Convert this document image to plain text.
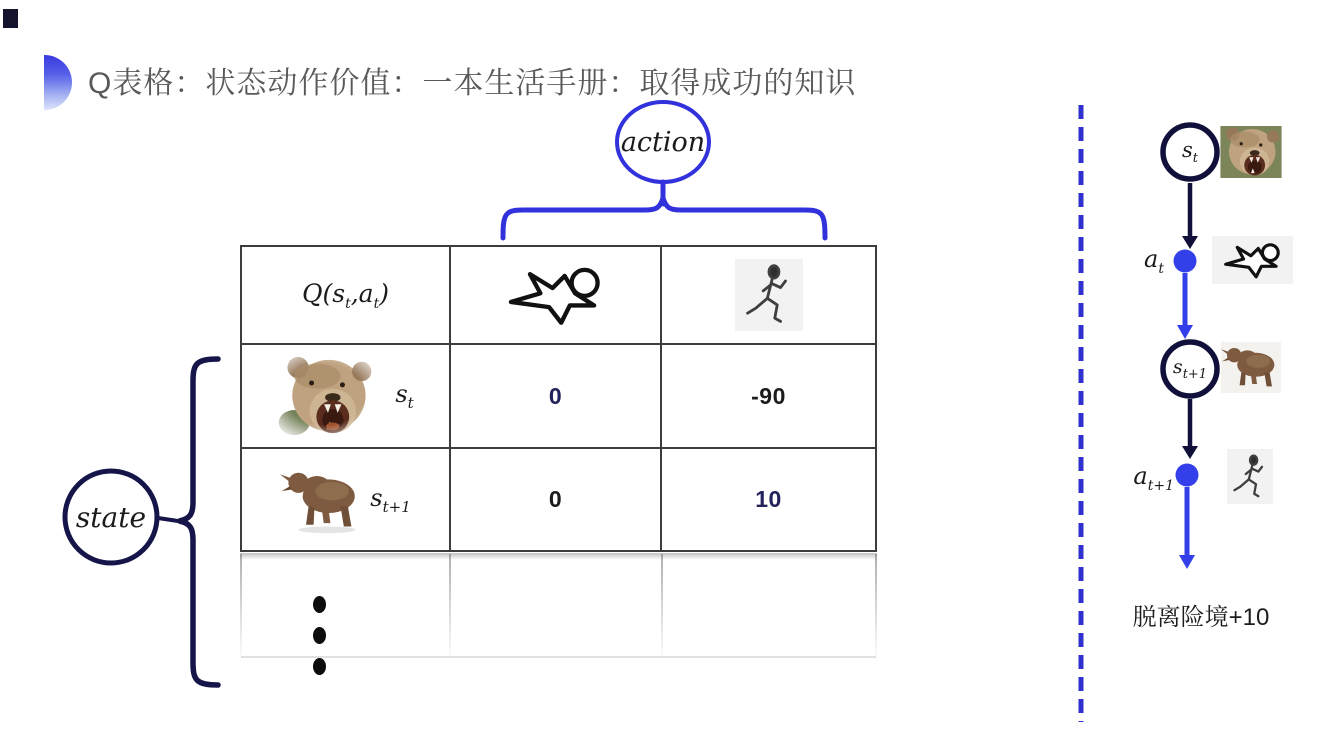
Q表格：状态动作价值：一本生活手册：取得成功的知识
action
state
$Q(s_t,a_t)$
$s_t$	0	-90
$s_{t+1}$	0	10
$s_t$
$a_t$
$s_{t+1}$
$a_{t+1}$
脱离险境+10
